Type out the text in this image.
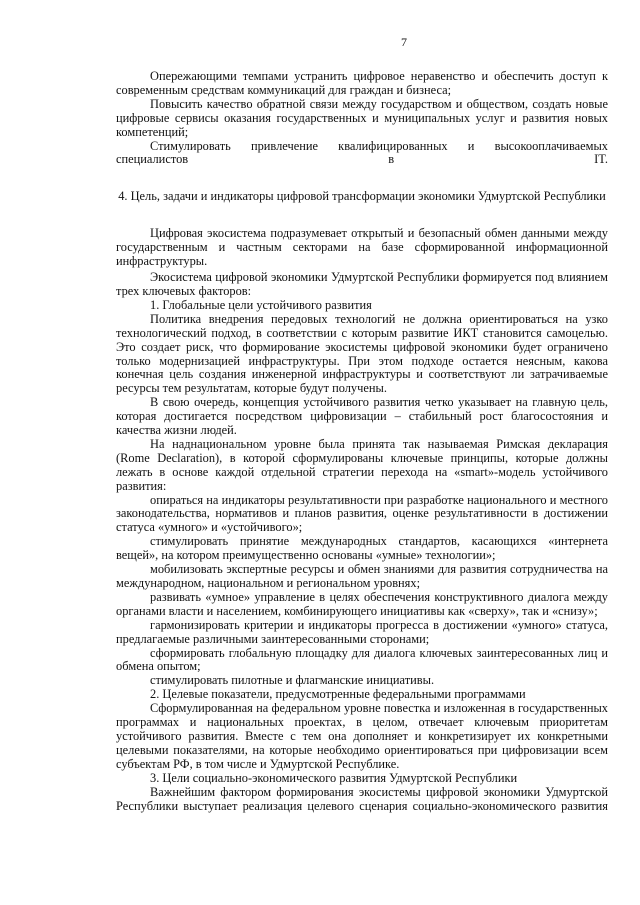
7

Опережающими темпами устранить цифровое неравенство и обеспечить доступ к современным средствам коммуникаций для граждан и бизнеса;

Повысить качество обратной связи между государством и обществом, создать новые цифровые сервисы оказания государственных и муниципальных услуг и развития новых компетенций;

Стимулировать привлечение квалифицированных и высокооплачиваемых специалистов в IT.

4. Цель, задачи и индикаторы цифровой трансформации экономики Удмуртской Республики

Цифровая экосистема подразумевает открытый и безопасный обмен данными между государственным и частным секторами на базе сформированной информационной инфраструктуры.

Экосистема цифровой экономики Удмуртской Республики формируется под влиянием трех ключевых факторов:

1. Глобальные цели устойчивого развития

Политика внедрения передовых технологий не должна ориентироваться на узко технологический подход, в соответствии с которым развитие ИКТ становится самоцелью. Это создает риск, что формирование экосистемы цифровой экономики будет ограничено только модернизацией инфраструктуры. При этом подходе остается неясным, какова конечная цель создания инженерной инфраструктуры и соответствуют ли затрачиваемые ресурсы тем результатам, которые будут получены.

В свою очередь, концепция устойчивого развития четко указывает на главную цель, которая достигается посредством цифровизации – стабильный рост благосостояния и качества жизни людей.

На наднациональном уровне была принята так называемая Римская декларация (Rome Declaration), в которой сформулированы ключевые принципы, которые должны лежать в основе каждой отдельной стратегии перехода на «smart»-модель устойчивого развития:

опираться на индикаторы результативности при разработке национального и местного законодательства, нормативов и планов развития, оценке результативности в достижении статуса «умного» и «устойчивого»;

стимулировать принятие международных стандартов, касающихся «интернета вещей», на котором преимущественно основаны «умные» технологии»;

мобилизовать экспертные ресурсы и обмен знаниями для развития сотрудничества на международном, национальном и региональном уровнях;

развивать «умное» управление в целях обеспечения конструктивного диалога между органами власти и населением, комбинирующего инициативы как «сверху», так и «снизу»;

гармонизировать критерии и индикаторы прогресса в достижении «умного» статуса, предлагаемые различными заинтересованными сторонами;

сформировать глобальную площадку для диалога ключевых заинтересованных лиц и обмена опытом;

стимулировать пилотные и флагманские инициативы.

2. Целевые показатели, предусмотренные федеральными программами

Сформулированная на федеральном уровне повестка и изложенная в государственных программах и национальных проектах, в целом, отвечает ключевым приоритетам устойчивого развития. Вместе с тем она дополняет и конкретизирует их конкретными целевыми показателями, на которые необходимо ориентироваться при цифровизации всем субъектам РФ, в том числе и Удмуртской Республике.

3. Цели социально-экономического развития Удмуртской Республики

Важнейшим фактором формирования экосистемы цифровой экономики Удмуртской Республики выступает реализация целевого сценария социально-экономического развития
